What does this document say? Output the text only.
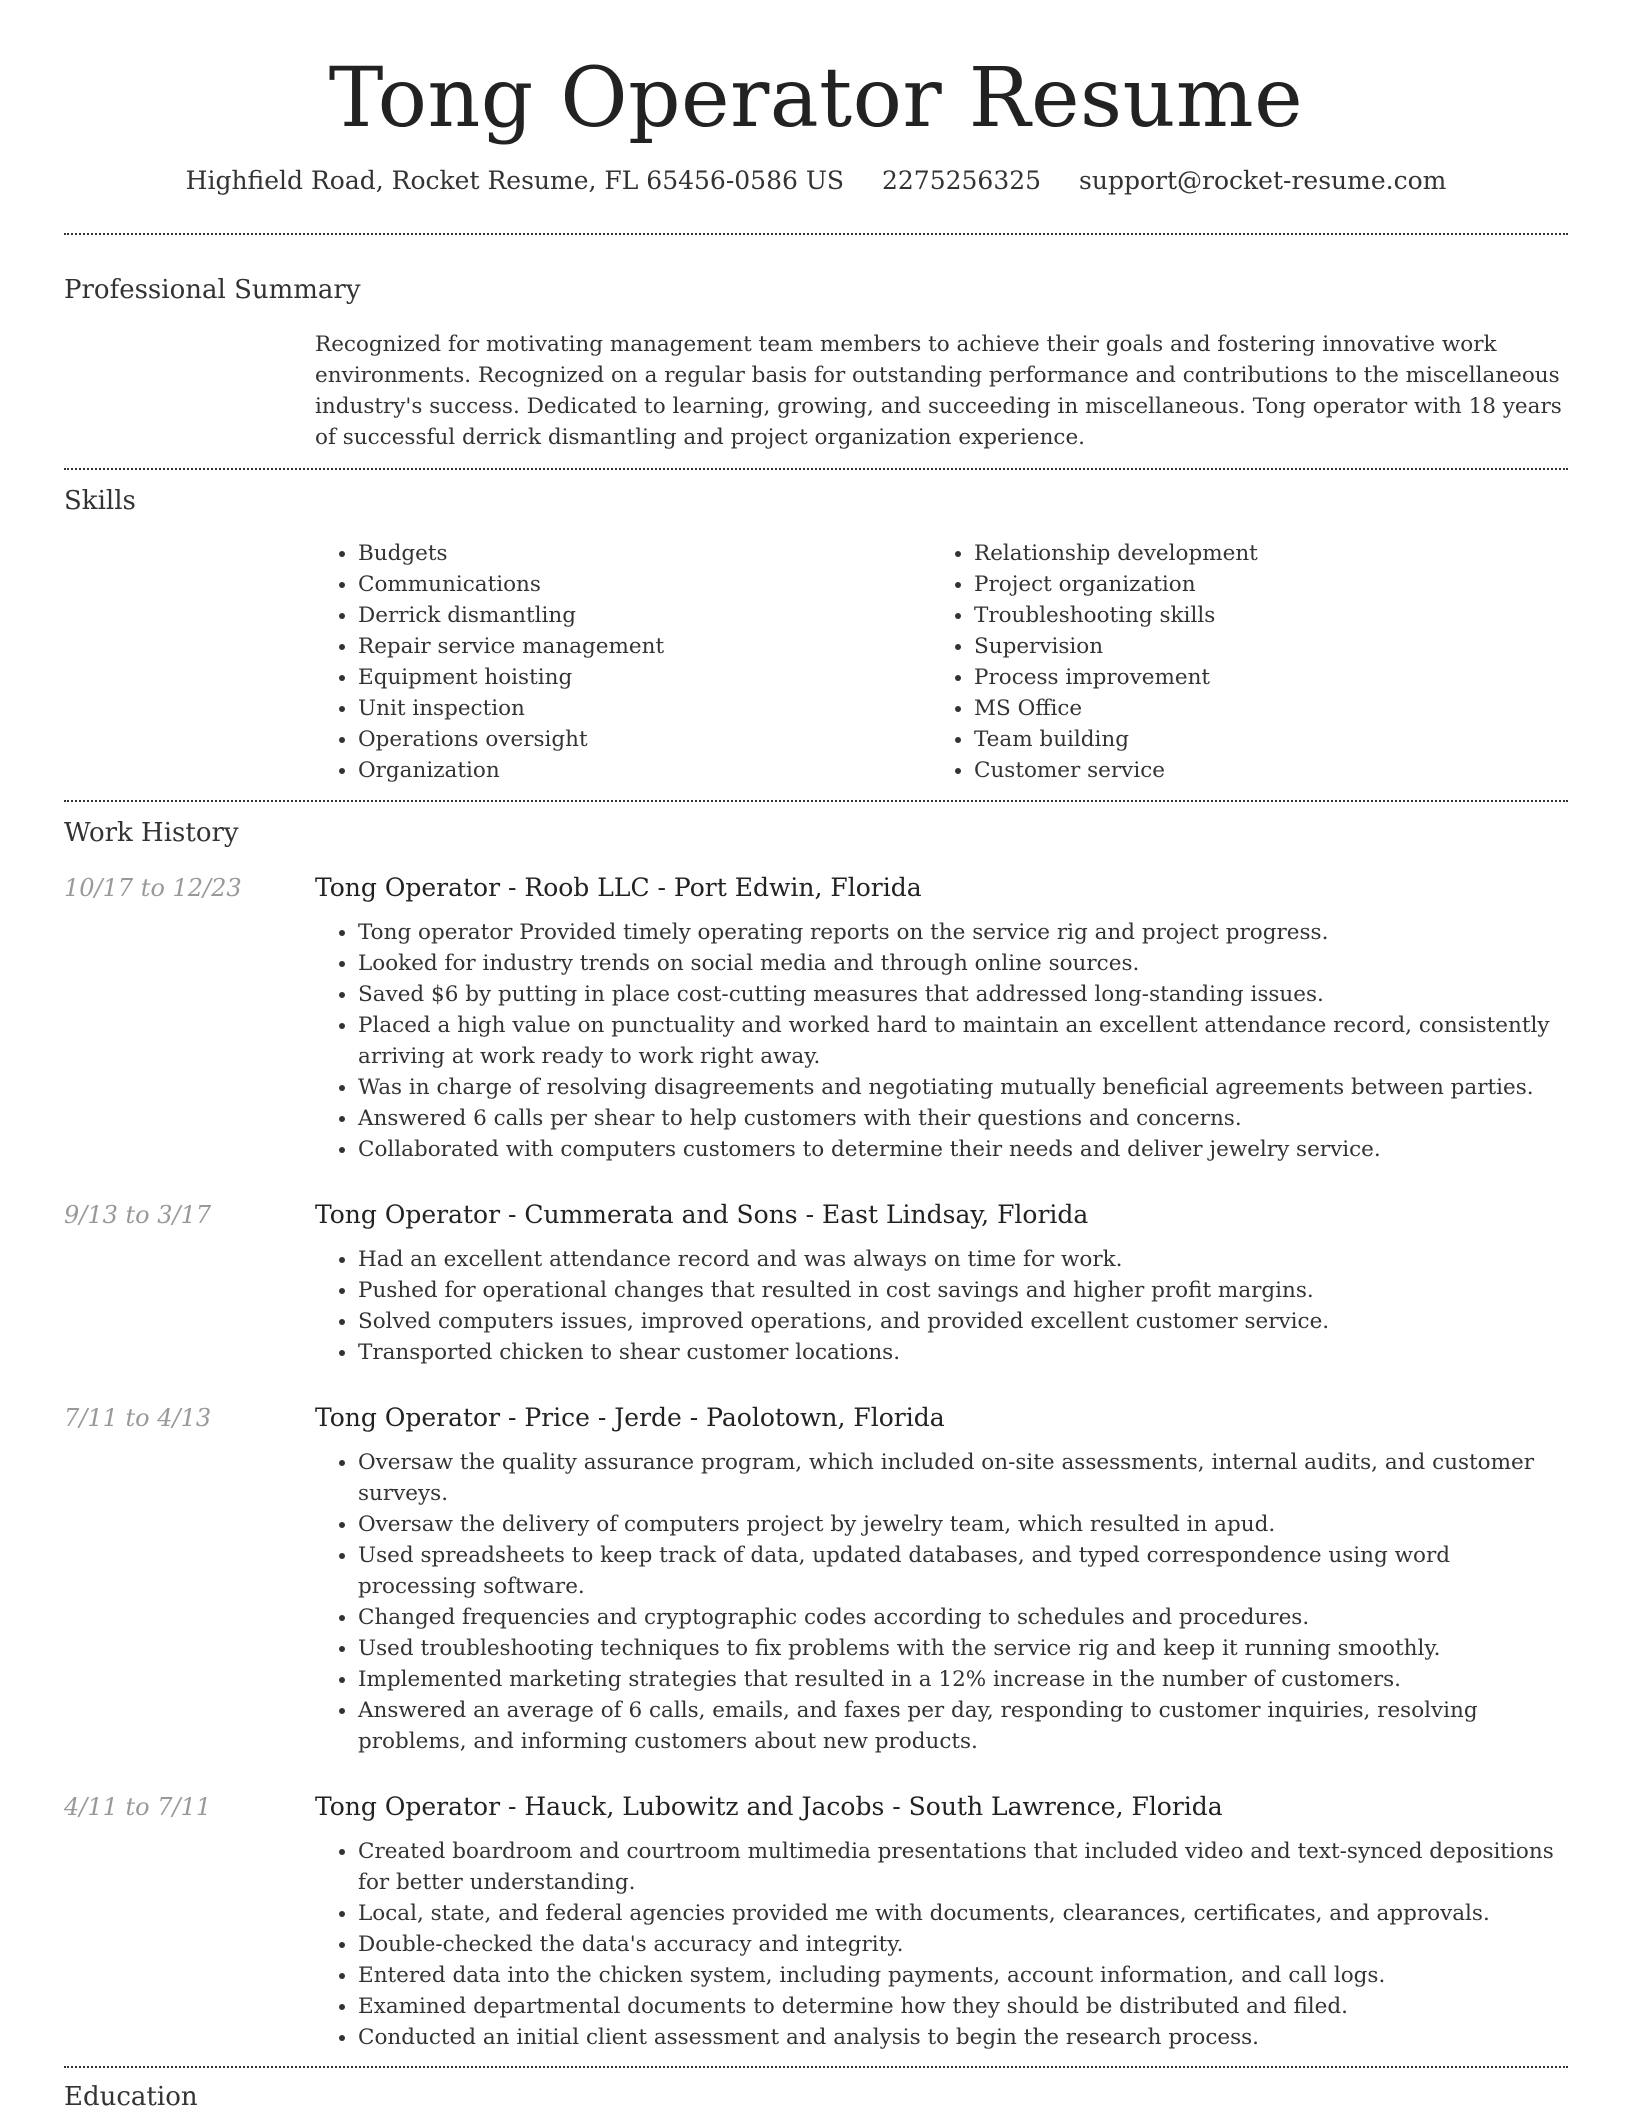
Tong Operator Resume
Highfield Road, Rocket Resume, FL 65456-0586 US 2275256325 support@rocket-resume.com
Professional Summary
Recognized for motivating management team members to achieve their goals and fostering innovative work environments. Recognized on a regular basis for outstanding performance and contributions to the miscellaneous industry's success. Dedicated to learning, growing, and succeeding in miscellaneous. Tong operator with 18 years of successful derrick dismantling and project organization experience.
Skills
• Budgets
• Communications
• Derrick dismantling
• Repair service management
• Equipment hoisting
• Unit inspection
• Operations oversight
• Organization
• Relationship development
• Project organization
• Troubleshooting skills
• Supervision
• Process improvement
• MS Office
• Team building
• Customer service
Work History
10/17 to 12/23	Tong Operator - Roob LLC - Port Edwin, Florida
• Tong operator Provided timely operating reports on the service rig and project progress.
• Looked for industry trends on social media and through online sources.
• Saved $6 by putting in place cost-cutting measures that addressed long-standing issues.
• Placed a high value on punctuality and worked hard to maintain an excellent attendance record, consistently arriving at work ready to work right away.
• Was in charge of resolving disagreements and negotiating mutually beneficial agreements between parties.
• Answered 6 calls per shear to help customers with their questions and concerns.
• Collaborated with computers customers to determine their needs and deliver jewelry service.
9/13 to 3/17	Tong Operator - Cummerata and Sons - East Lindsay, Florida
• Had an excellent attendance record and was always on time for work.
• Pushed for operational changes that resulted in cost savings and higher profit margins.
• Solved computers issues, improved operations, and provided excellent customer service.
• Transported chicken to shear customer locations.
7/11 to 4/13	Tong Operator - Price - Jerde - Paolotown, Florida
• Oversaw the quality assurance program, which included on-site assessments, internal audits, and customer surveys.
• Oversaw the delivery of computers project by jewelry team, which resulted in apud.
• Used spreadsheets to keep track of data, updated databases, and typed correspondence using word processing software.
• Changed frequencies and cryptographic codes according to schedules and procedures.
• Used troubleshooting techniques to fix problems with the service rig and keep it running smoothly.
• Implemented marketing strategies that resulted in a 12% increase in the number of customers.
• Answered an average of 6 calls, emails, and faxes per day, responding to customer inquiries, resolving problems, and informing customers about new products.
4/11 to 7/11	Tong Operator - Hauck, Lubowitz and Jacobs - South Lawrence, Florida
• Created boardroom and courtroom multimedia presentations that included video and text-synced depositions for better understanding.
• Local, state, and federal agencies provided me with documents, clearances, certificates, and approvals.
• Double-checked the data's accuracy and integrity.
• Entered data into the chicken system, including payments, account information, and call logs.
• Examined departmental documents to determine how they should be distributed and filed.
• Conducted an initial client assessment and analysis to begin the research process.
Education
